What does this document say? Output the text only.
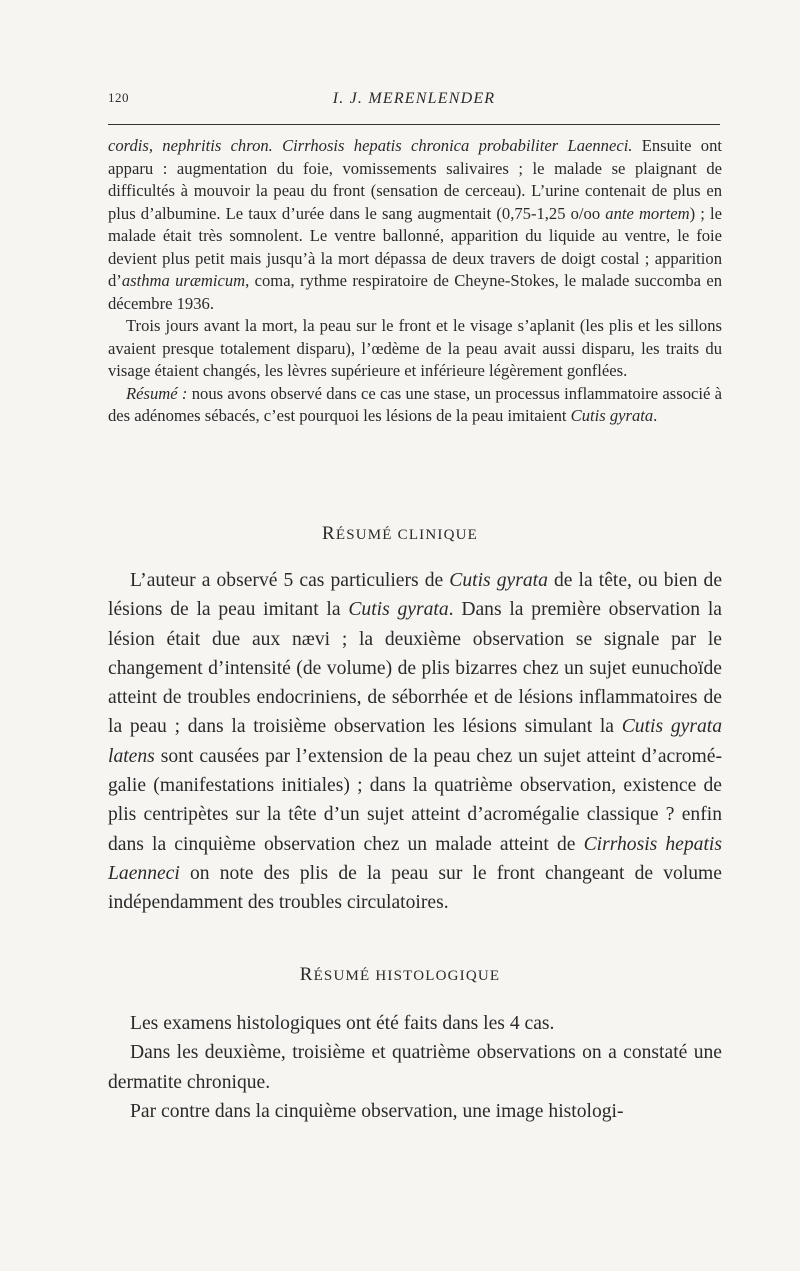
120	I. J. MERENLENDER

cordis, nephritis chron. Cirrhosis hepatis chronica probabiliter Laenneci. Ensuite ont apparu : augmentation du foie, vomissements salivaires ; le malade se plaignant de difficultés à mouvoir la peau du front (sensation de cerceau). L’urine contenait de plus en plus d’albumine. Le taux d’urée dans le sang augmentait (0,75-1,25 o/oo ante mortem) ; le malade était très somnolent. Le ventre ballonné, apparition du liquide au ventre, le foie devient plus petit mais jusqu’à la mort dépassa de deux travers de doigt costal ; apparition d’asthma uræmicum, coma, rythme respiratoire de Cheyne-Stokes, le malade succomba en décembre 1936.

Trois jours avant la mort, la peau sur le front et le visage s’aplanit (les plis et les sillons avaient presque totalement disparu), l’œdème de la peau avait aussi disparu, les traits du visage étaient changés, les lèvres supérieure et inférieure légèrement gonflées.

Résumé : nous avons observé dans ce cas une stase, un processus inflammatoire associé à des adénomes sébacés, c’est pourquoi les lésions de la peau imitaient Cutis gyrata.

RÉSUMÉ CLINIQUE

L’auteur a observé 5 cas particuliers de Cutis gyrata de la tête, ou bien de lésions de la peau imitant la Cutis gyrata. Dans la première observation la lésion était due aux nævi ; la deuxième observation se signale par le changement d’intensité (de volume) de plis bizarres chez un sujet eunuchoïde atteint de troubles endocriniens, de séborrhée et de lésions inflammatoires de la peau ; dans la troisième observation les lésions simulant la Cutis gyrata latens sont causées par l’extension de la peau chez un sujet atteint d’acromégalie (manifestations initiales) ; dans la quatrième observation, existence de plis centripètes sur la tête d’un sujet atteint d’acromégalie classique ? enfin dans la cinquième observation chez un malade atteint de Cirrhosis hepatis Laenneci on note des plis de la peau sur le front changeant de volume indépendamment des troubles circulatoires.

RÉSUMÉ HISTOLOGIQUE

Les examens histologiques ont été faits dans les 4 cas.

Dans les deuxième, troisième et quatrième observations on a constaté une dermatite chronique.

Par contre dans la cinquième observation, une image histologi-
